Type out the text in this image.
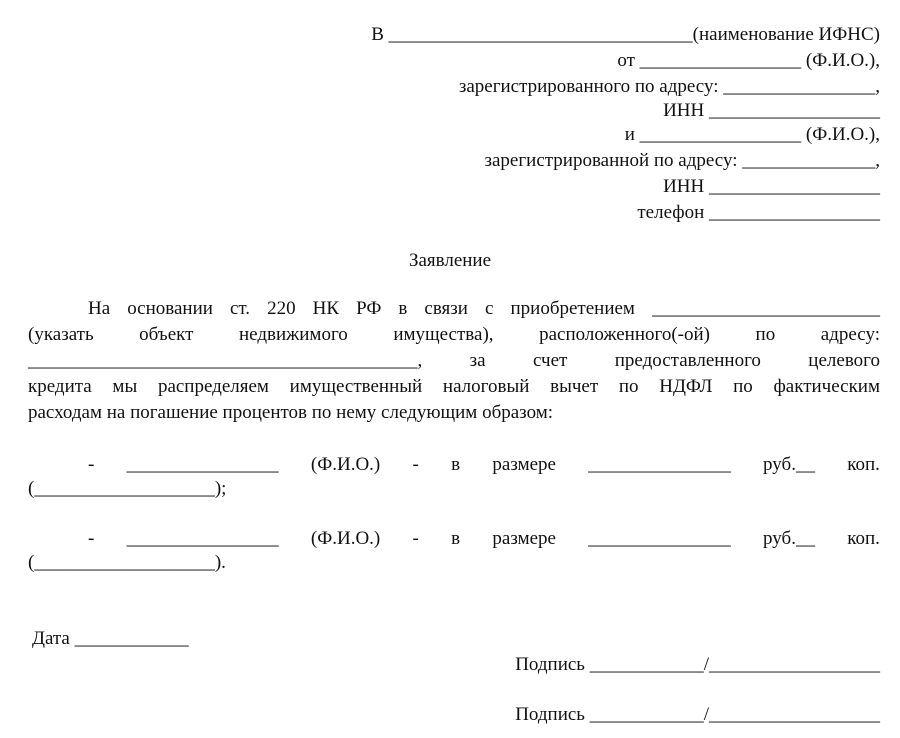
В ________________________________(наименование ИФНС)
от _________________ (Ф.И.О.),
зарегистрированного по адресу: ________________,
ИНН __________________
и _________________ (Ф.И.О.),
зарегистрированной по адресу: ______________,
ИНН __________________
телефон __________________
Заявление
На основании ст. 220 НК РФ в связи с приобретением ________________________
(указать объект недвижимого имущества), расположенного(-ой) по адресу:
_________________________________________, за счет предоставленного целевого
кредита мы распределяем имущественный налоговый вычет по НДФЛ по фактическим
расходам на погашение процентов по нему следующим образом:
- ________________ (Ф.И.О.) - в размере _______________ руб.__ коп.
(___________________);
- ________________ (Ф.И.О.) - в размере _______________ руб.__ коп.
(___________________).
Дата ____________
Подпись ____________/__________________
Подпись ____________/__________________
